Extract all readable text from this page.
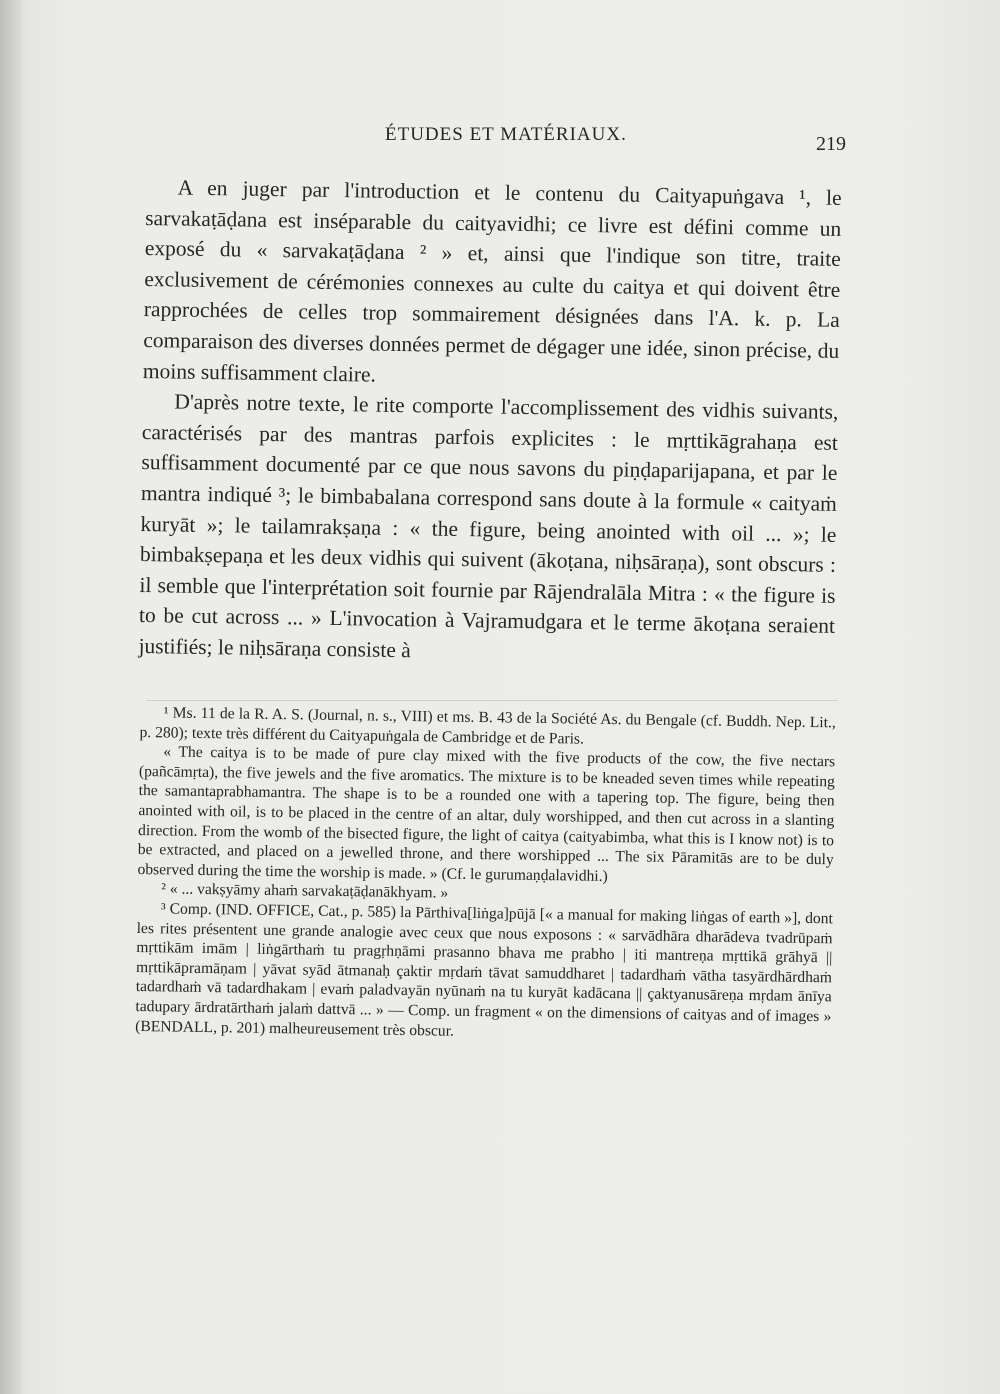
ÉTUDES ET MATÉRIAUX.	219

A en juger par l'introduction et le contenu du Caityapuṅgava ¹, le sarvakaṭāḍana est inséparable du caityavidhi; ce livre est défini comme un exposé du « sarvakaṭāḍana ² » et, ainsi que l'indique son titre, traite exclusivement de cérémonies connexes au culte du caitya et qui doivent être rapprochées de celles trop sommairement désignées dans l'A. k. p. La comparaison des diverses données permet de dégager une idée, sinon précise, du moins suffisamment claire.

D'après notre texte, le rite comporte l'accomplissement des vidhis suivants, caractérisés par des mantras parfois explicites : le mṛttikāgrahaṇa est suffisamment documenté par ce que nous savons du piṇḍaparijapana, et par le mantra indiqué ³; le bimbabalana correspond sans doute à la formule « caityaṁ kuryāt »; le tailamrakṣaṇa : « the figure, being anointed with oil ... »; le bimbakṣepaṇa et les deux vidhis qui suivent (ākoṭana, niḥsāraṇa), sont obscurs : il semble que l'interprétation soit fournie par Rājendralāla Mitra : « the figure is to be cut across ... » L'invocation à Vajramudgara et le terme ākoṭana seraient justifiés; le niḥsāraṇa consiste à

¹ Ms. 11 de la R. A. S. (Journal, n. s., VIII) et ms. B. 43 de la Société As. du Bengale (cf. Buddh. Nep. Lit., p. 280); texte très différent du Caityapuṅgala de Cambridge et de Paris.

« The caitya is to be made of pure clay mixed with the five products of the cow, the five nectars (pañcāmṛta), the five jewels and the five aromatics. The mixture is to be kneaded seven times while repeating the samantaprabhamantra. The shape is to be a rounded one with a tapering top. The figure, being then anointed with oil, is to be placed in the centre of an altar, duly worshipped, and then cut across in a slanting direction. From the womb of the bisected figure, the light of caitya (caityabimba, what this is I know not) is to be extracted, and placed on a jewelled throne, and there worshipped ... The six Pāramitās are to be duly observed during the time the worship is made. » (Cf. le gurumaṇḍalavidhi.)

² « ... vakṣyāmy ahaṁ sarvakaṭāḍanākhyam. »

³ Comp. (IND. OFFICE, Cat., p. 585) la Pārthiva[liṅga]pūjā [« a manual for making liṅgas of earth »], dont les rites présentent une grande analogie avec ceux que nous exposons : « sarvādhāra dharādeva tvadrūpaṁ mṛttikām imām | liṅgārthaṁ tu pragṛhṇāmi prasanno bhava me prabho | iti mantreṇa mṛttikā grāhyā || mṛttikāpramāṇam | yāvat syād ātmanaḥ çaktir mṛdaṁ tāvat samuddharet | tadardhaṁ vātha tasyārdhārdhaṁ tadardhaṁ vā tadardhakam | evaṁ paladvayān nyūnaṁ na tu kuryāt kadācana || çaktyanusāreṇa mṛdam ānīya tadupary ārdratārthaṁ jalaṁ dattvā ... » — Comp. un fragment « on the dimensions of caityas and of images » (BENDALL, p. 201) malheureusement très obscur.
